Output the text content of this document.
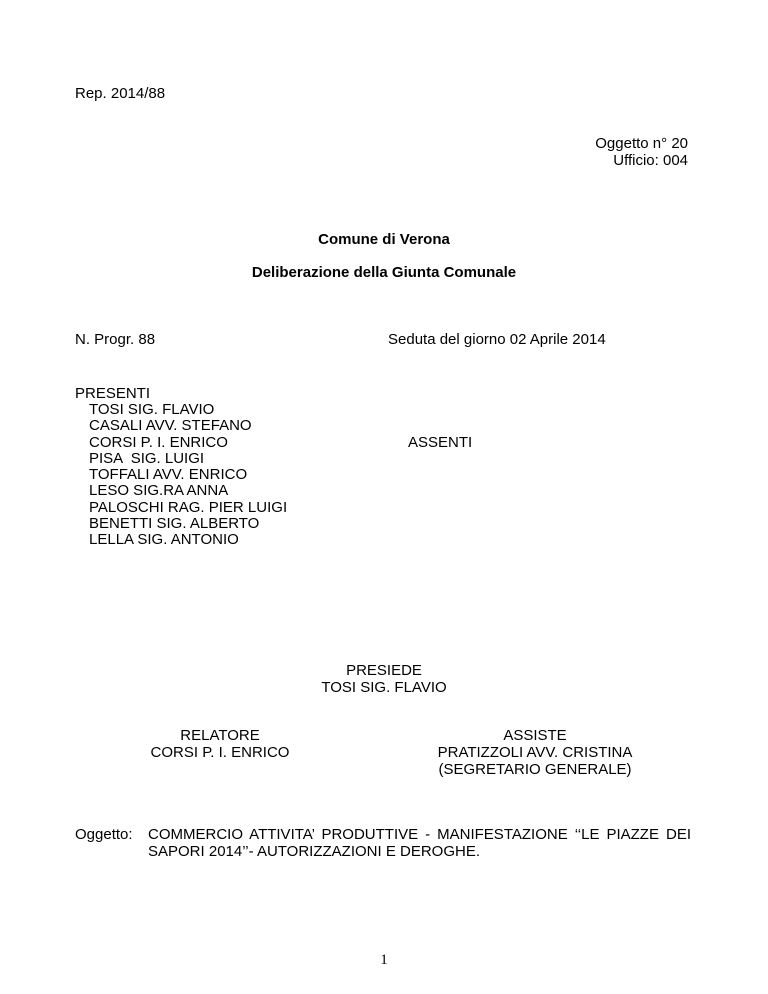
Rep. 2014/88
Oggetto n° 20
Ufficio: 004
Comune di Verona
Deliberazione della Giunta Comunale
N. Progr. 88	Seduta del giorno 02 Aprile 2014
PRESENTI
TOSI SIG. FLAVIO
CASALI AVV. STEFANO
CORSI P. I. ENRICO
PISA  SIG. LUIGI
TOFFALI AVV. ENRICO
LESO SIG.RA ANNA
PALOSCHI RAG. PIER LUIGI
BENETTI SIG. ALBERTO
LELLA SIG. ANTONIO
ASSENTI
PRESIEDE
TOSI SIG. FLAVIO
RELATORE
CORSI P. I. ENRICO
ASSISTE
PRATIZZOLI AVV. CRISTINA
(SEGRETARIO GENERALE)
Oggetto: COMMERCIO ATTIVITA’ PRODUTTIVE - MANIFESTAZIONE ‘‘LE PIAZZE DEI SAPORI 2014’’- AUTORIZZAZIONI E DEROGHE.
1
